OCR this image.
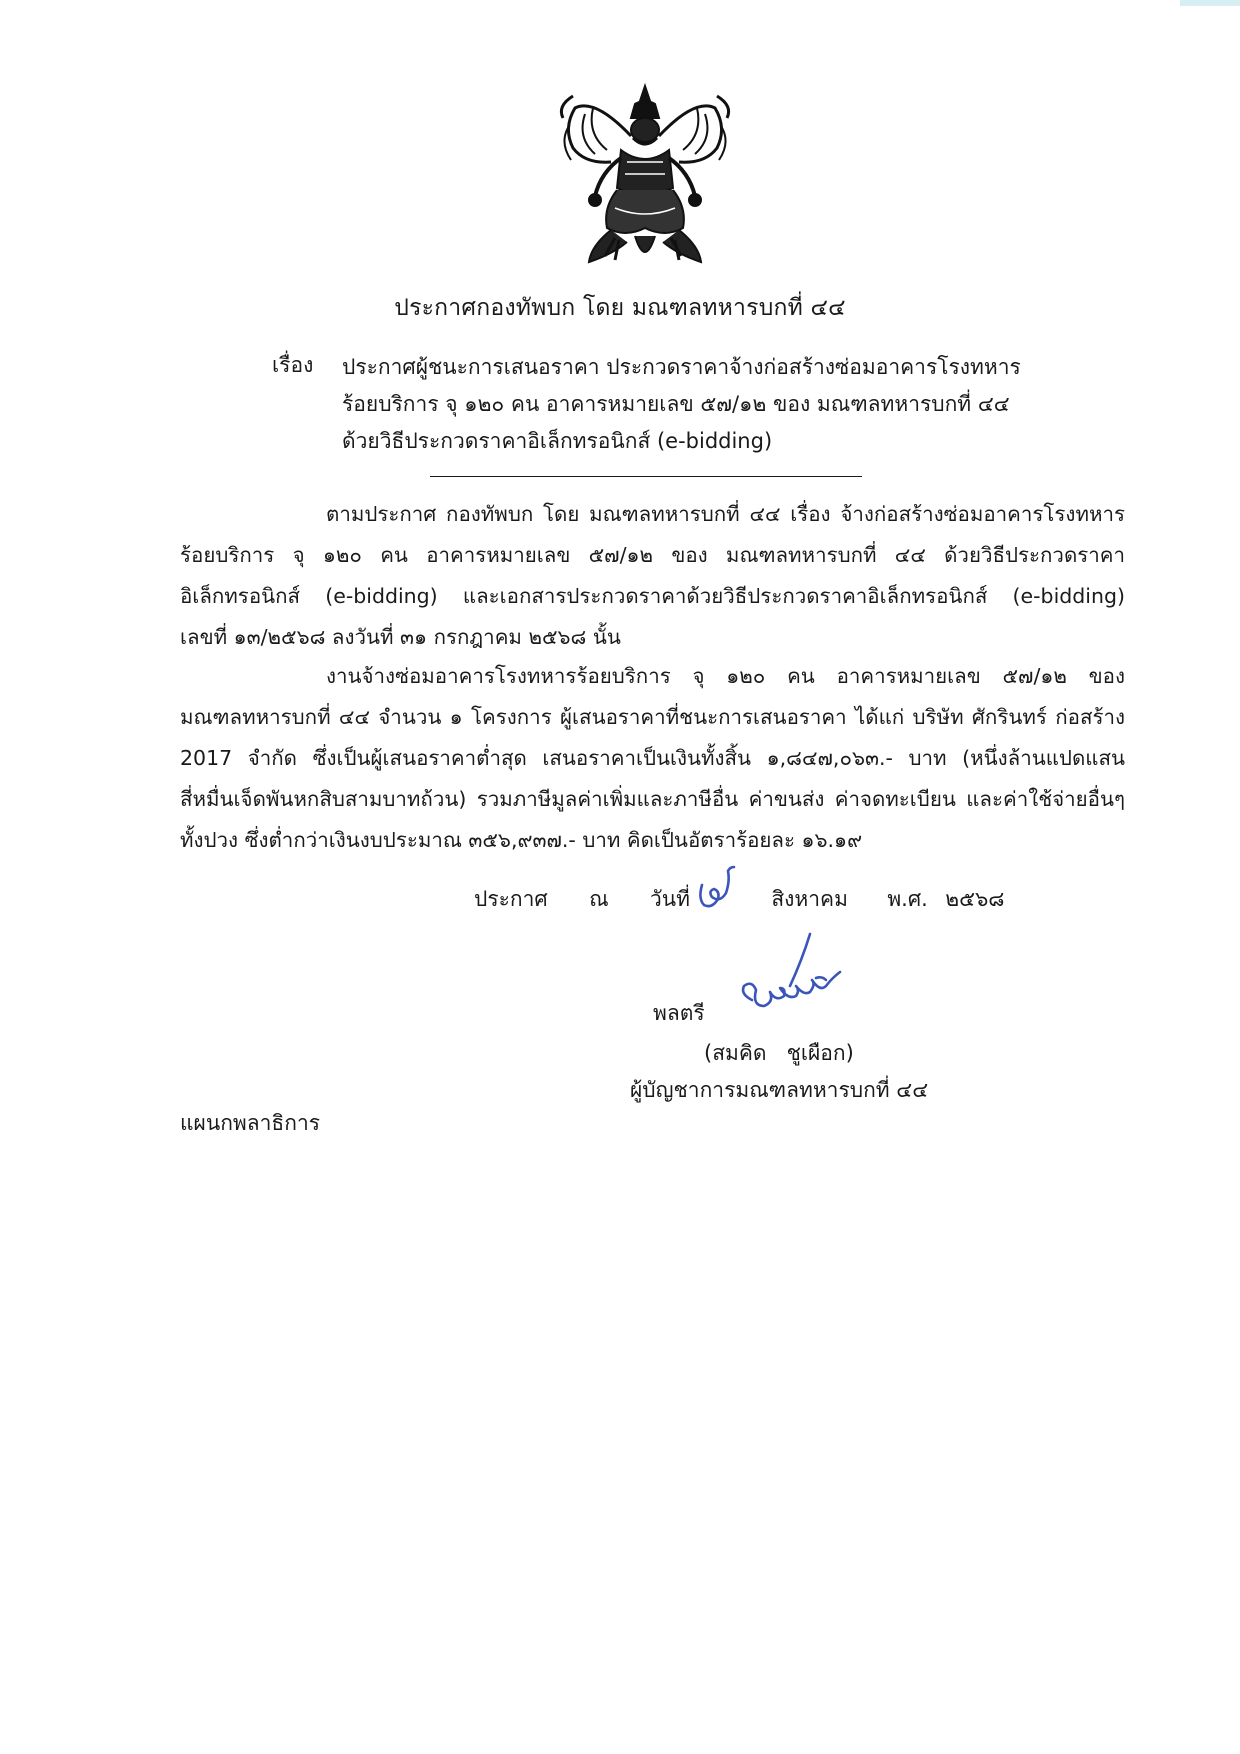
ประกาศกองทัพบก โดย มณฑลทหารบกที่ ๔๔
เรื่อง ประกาศผู้ชนะการเสนอราคา ประกวดราคาจ้างก่อสร้างซ่อมอาคารโรงทหาร
ร้อยบริการ จุ ๑๒๐ คน อาคารหมายเลข ๕๗/๑๒ ของ มณฑลทหารบกที่ ๔๔
ด้วยวิธีประกวดราคาอิเล็กทรอนิกส์ (e-bidding)
ตามประกาศ กองทัพบก โดย มณฑลทหารบกที่ ๔๔ เรื่อง จ้างก่อสร้างซ่อมอาคารโรงทหาร
ร้อยบริการ จุ ๑๒๐ คน อาคารหมายเลข ๕๗/๑๒ ของ มณฑลทหารบกที่ ๔๔ ด้วยวิธีประกวดราคา
อิเล็กทรอนิกส์ (e-bidding) และเอกสารประกวดราคาด้วยวิธีประกวดราคาอิเล็กทรอนิกส์ (e-bidding)
เลขที่ ๑๓/๒๕๖๘ ลงวันที่ ๓๑ กรกฎาคม ๒๕๖๘ นั้น
งานจ้างซ่อมอาคารโรงทหารร้อยบริการ จุ ๑๒๐ คน อาคารหมายเลข ๕๗/๑๒ ของ
มณฑลทหารบกที่ ๔๔ จำนวน ๑ โครงการ ผู้เสนอราคาที่ชนะการเสนอราคา ได้แก่ บริษัท ศักรินทร์ ก่อสร้าง
2017 จำกัด ซึ่งเป็นผู้เสนอราคาต่ำสุด เสนอราคาเป็นเงินทั้งสิ้น ๑,๘๔๗,๐๖๓.- บาท (หนึ่งล้านแปดแสน
สี่หมื่นเจ็ดพันหกสิบสามบาทถ้วน) รวมภาษีมูลค่าเพิ่มและภาษีอื่น ค่าขนส่ง ค่าจดทะเบียน และค่าใช้จ่ายอื่นๆ
ทั้งปวง ซึ่งต่ำกว่าเงินงบประมาณ ๓๕๖,๙๓๗.- บาท คิดเป็นอัตราร้อยละ ๑๖.๑๙
ประกาศ ณ วันที่	สิงหาคม พ.ศ. ๒๕๖๘
พลตรี
(สมคิด   ชูเผือก)
ผู้บัญชาการมณฑลทหารบกที่ ๔๔
แผนกพลาธิการ
